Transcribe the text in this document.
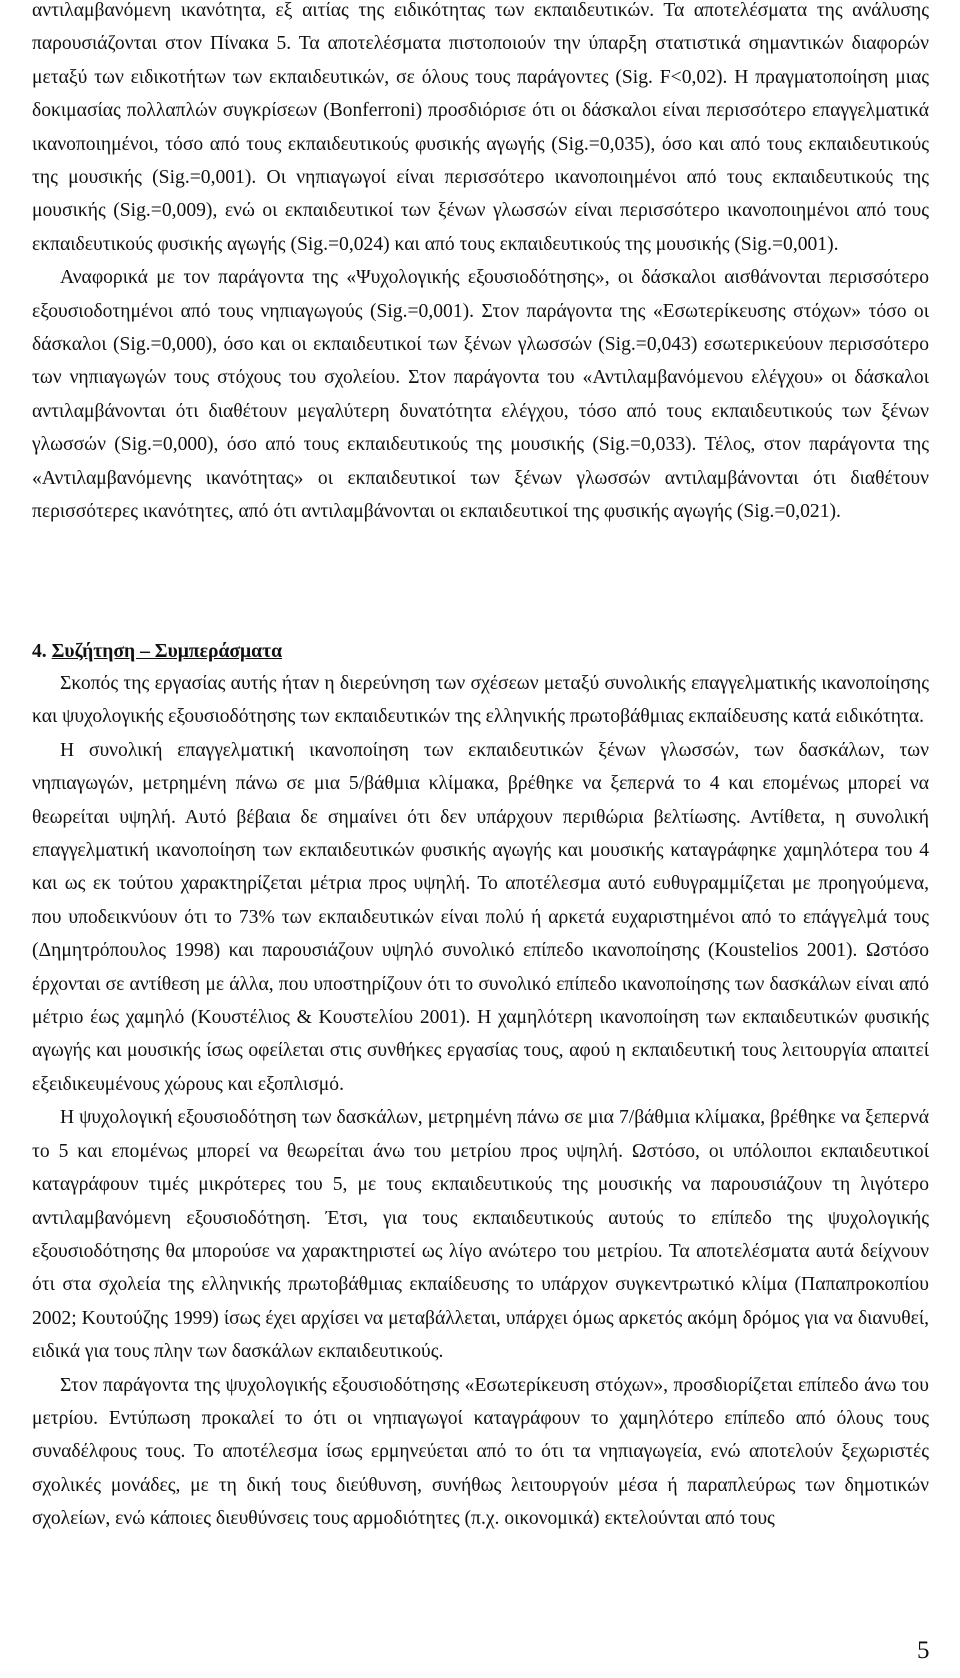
αντιλαμβανόμενη ικανότητα, εξ αιτίας της ειδικότητας των εκπαιδευτικών. Τα αποτελέσματα της ανάλυσης παρουσιάζονται στον Πίνακα 5. Τα αποτελέσματα πιστοποιούν την ύπαρξη στατιστικά σημαντικών διαφορών μεταξύ των ειδικοτήτων των εκπαιδευτικών, σε όλους τους παράγοντες (Sig. F<0,02). Η πραγματοποίηση μιας δοκιμασίας πολλαπλών συγκρίσεων (Bonferroni) προσδιόρισε ότι οι δάσκαλοι είναι περισσότερο επαγγελματικά ικανοποιημένοι, τόσο από τους εκπαιδευτικούς φυσικής αγωγής (Sig.=0,035), όσο και από τους εκπαιδευτικούς της μουσικής (Sig.=0,001). Οι νηπιαγωγοί είναι περισσότερο ικανοποιημένοι από τους εκπαιδευτικούς της μουσικής (Sig.=0,009), ενώ οι εκπαιδευτικοί των ξένων γλωσσών είναι περισσότερο ικανοποιημένοι από τους εκπαιδευτικούς φυσικής αγωγής (Sig.=0,024) και από τους εκπαιδευτικούς της μουσικής (Sig.=0,001).

Αναφορικά με τον παράγοντα της «Ψυχολογικής εξουσιοδότησης», οι δάσκαλοι αισθάνονται περισσότερο εξουσιοδοτημένοι από τους νηπιαγωγούς (Sig.=0,001). Στον παράγοντα της «Εσωτερίκευσης στόχων» τόσο οι δάσκαλοι (Sig.=0,000), όσο και οι εκπαιδευτικοί των ξένων γλωσσών (Sig.=0,043) εσωτερικεύουν περισσότερο των νηπιαγωγών τους στόχους του σχολείου. Στον παράγοντα του «Αντιλαμβανόμενου ελέγχου» οι δάσκαλοι αντιλαμβάνονται ότι διαθέτουν μεγαλύτερη δυνατότητα ελέγχου, τόσο από τους εκπαιδευτικούς των ξένων γλωσσών (Sig.=0,000), όσο από τους εκπαιδευτικούς της μουσικής (Sig.=0,033). Τέλος, στον παράγοντα της «Αντιλαμβανόμενης ικανότητας» οι εκπαιδευτικοί των ξένων γλωσσών αντιλαμβάνονται ότι διαθέτουν περισσότερες ικανότητες, από ότι αντιλαμβάνονται οι εκπαιδευτικοί της φυσικής αγωγής (Sig.=0,021).

4. Συζήτηση – Συμπεράσματα

Σκοπός της εργασίας αυτής ήταν η διερεύνηση των σχέσεων μεταξύ συνολικής επαγγελματικής ικανοποίησης και ψυχολογικής εξουσιοδότησης των εκπαιδευτικών της ελληνικής πρωτοβάθμιας εκπαίδευσης κατά ειδικότητα.

Η συνολική επαγγελματική ικανοποίηση των εκπαιδευτικών ξένων γλωσσών, των δασκάλων, των νηπιαγωγών, μετρημένη πάνω σε μια 5/βάθμια κλίμακα, βρέθηκε να ξεπερνά το 4 και επομένως μπορεί να θεωρείται υψηλή. Αυτό βέβαια δε σημαίνει ότι δεν υπάρχουν περιθώρια βελτίωσης. Αντίθετα, η συνολική επαγγελματική ικανοποίηση των εκπαιδευτικών φυσικής αγωγής και μουσικής καταγράφηκε χαμηλότερα του 4 και ως εκ τούτου χαρακτηρίζεται μέτρια προς υψηλή. Το αποτέλεσμα αυτό ευθυγραμμίζεται με προηγούμενα, που υποδεικνύουν ότι το 73% των εκπαιδευτικών είναι πολύ ή αρκετά ευχαριστημένοι από το επάγγελμά τους (Δημητρόπουλος 1998) και παρουσιάζουν υψηλό συνολικό επίπεδο ικανοποίησης (Koustelios 2001). Ωστόσο έρχονται σε αντίθεση με άλλα, που υποστηρίζουν ότι το συνολικό επίπεδο ικανοποίησης των δασκάλων είναι από μέτριο έως χαμηλό (Κουστέλιος & Κουστελίου 2001). Η χαμηλότερη ικανοποίηση των εκπαιδευτικών φυσικής αγωγής και μουσικής ίσως οφείλεται στις συνθήκες εργασίας τους, αφού η εκπαιδευτική τους λειτουργία απαιτεί εξειδικευμένους χώρους και εξοπλισμό.

Η ψυχολογική εξουσιοδότηση των δασκάλων, μετρημένη πάνω σε μια 7/βάθμια κλίμακα, βρέθηκε να ξεπερνά το 5 και επομένως μπορεί να θεωρείται άνω του μετρίου προς υψηλή. Ωστόσο, οι υπόλοιποι εκπαιδευτικοί καταγράφουν τιμές μικρότερες του 5, με τους εκπαιδευτικούς της μουσικής να παρουσιάζουν τη λιγότερο αντιλαμβανόμενη εξουσιοδότηση. Έτσι, για τους εκπαιδευτικούς αυτούς το επίπεδο της ψυχολογικής εξουσιοδότησης θα μπορούσε να χαρακτηριστεί ως λίγο ανώτερο του μετρίου. Τα αποτελέσματα αυτά δείχνουν ότι στα σχολεία της ελληνικής πρωτοβάθμιας εκπαίδευσης το υπάρχον συγκεντρωτικό κλίμα (Παπαπροκοπίου 2002; Κουτούζης 1999) ίσως έχει αρχίσει να μεταβάλλεται, υπάρχει όμως αρκετός ακόμη δρόμος για να διανυθεί, ειδικά για τους πλην των δασκάλων εκπαιδευτικούς.

Στον παράγοντα της ψυχολογικής εξουσιοδότησης «Εσωτερίκευση στόχων», προσδιορίζεται επίπεδο άνω του μετρίου. Εντύπωση προκαλεί το ότι οι νηπιαγωγοί καταγράφουν το χαμηλότερο επίπεδο από όλους τους συναδέλφους τους. Το αποτέλεσμα ίσως ερμηνεύεται από το ότι τα νηπιαγωγεία, ενώ αποτελούν ξεχωριστές σχολικές μονάδες, με τη δική τους διεύθυνση, συνήθως λειτουργούν μέσα ή παραπλεύρως των δημοτικών σχολείων, ενώ κάποιες διευθύνσεις τους αρμοδιότητες (π.χ. οικονομικά) εκτελούνται από τους

5
